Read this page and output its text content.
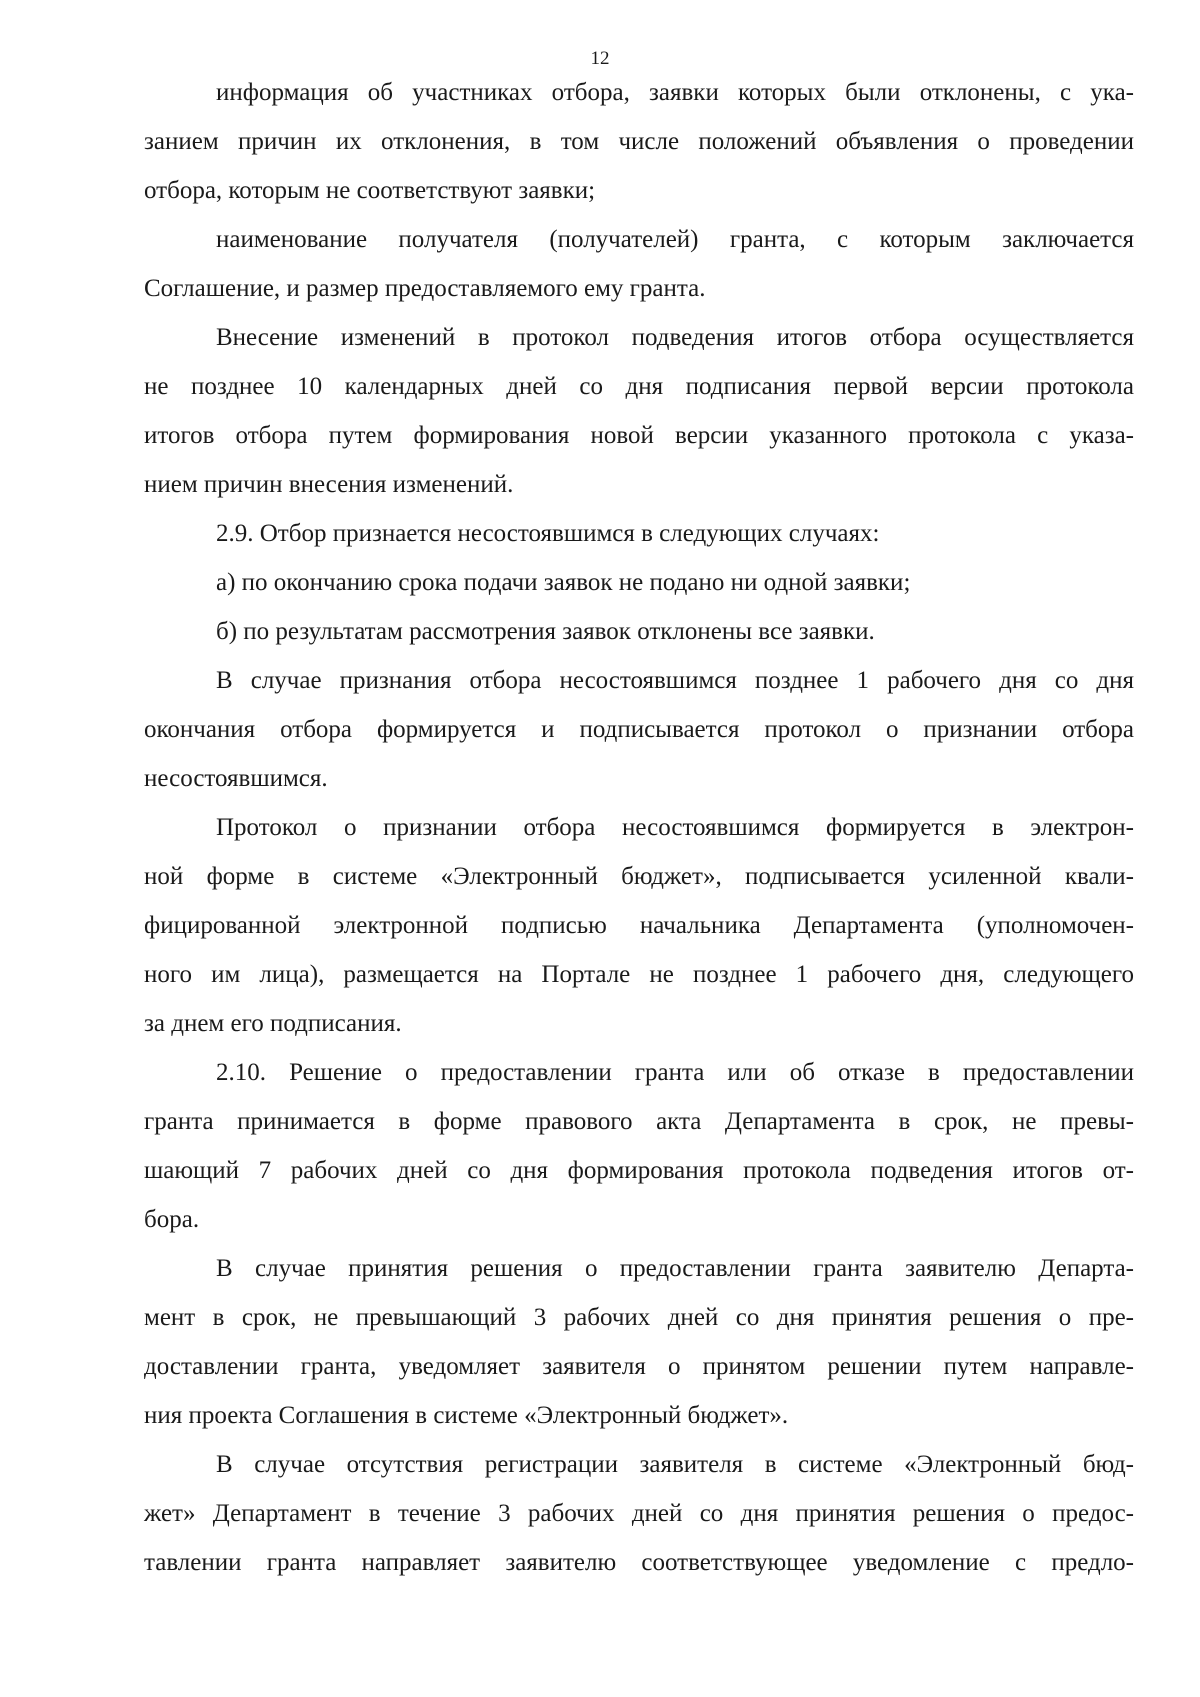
12
информация об участниках отбора, заявки которых были отклонены, с ука-
занием причин их отклонения, в том числе положений объявления о проведении
отбора, которым не соответствуют заявки;
наименование получателя (получателей) гранта, с которым заключается
Соглашение, и размер предоставляемого ему гранта.
Внесение изменений в протокол подведения итогов отбора осуществляется
не позднее 10 календарных дней со дня подписания первой версии протокола
итогов отбора путем формирования новой версии указанного протокола с указа-
нием причин внесения изменений.
2.9. Отбор признается несостоявшимся в следующих случаях:
а) по окончанию срока подачи заявок не подано ни одной заявки;
б) по результатам рассмотрения заявок отклонены все заявки.
В случае признания отбора несостоявшимся позднее 1 рабочего дня со дня
окончания отбора формируется и подписывается протокол о признании отбора
несостоявшимся.
Протокол о признании отбора несостоявшимся формируется в электрон-
ной форме в системе «Электронный бюджет», подписывается усиленной квали-
фицированной электронной подписью начальника Департамента (уполномочен-
ного им лица), размещается на Портале не позднее 1 рабочего дня, следующего
за днем его подписания.
2.10. Решение о предоставлении гранта или об отказе в предоставлении
гранта принимается в форме правового акта Департамента в срок, не превы-
шающий 7 рабочих дней со дня формирования протокола подведения итогов от-
бора.
В случае принятия решения о предоставлении гранта заявителю Департа-
мент в срок, не превышающий 3 рабочих дней со дня принятия решения о пре-
доставлении гранта, уведомляет заявителя о принятом решении путем направле-
ния проекта Соглашения в системе «Электронный бюджет».
В случае отсутствия регистрации заявителя в системе «Электронный бюд-
жет» Департамент в течение 3 рабочих дней со дня принятия решения о предос-
тавлении гранта направляет заявителю соответствующее уведомление с предло-
